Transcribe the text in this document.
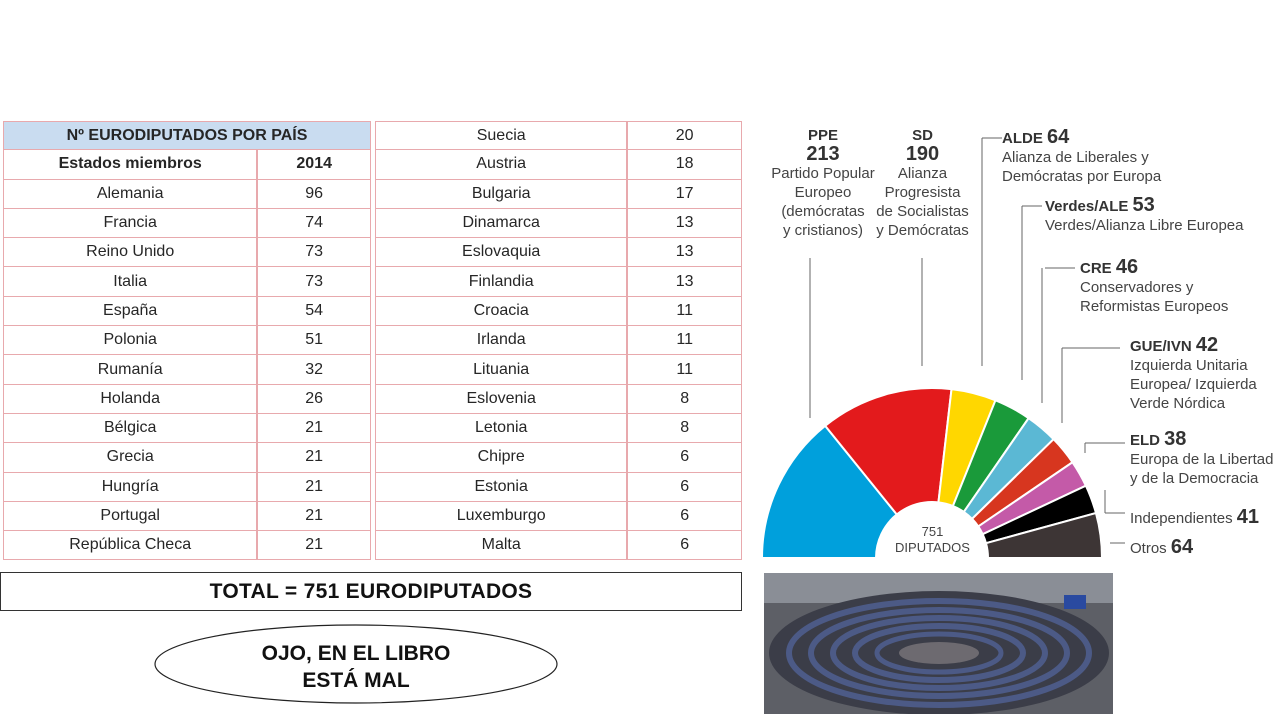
Nº EURODIPUTADOS POR PAÍS	
Estados miembros	2014
Alemania	96
Francia	74
Reino Unido	73
Italia	73
España	54
Polonia	51
Rumanía	32
Holanda	26
Bélgica	21
Grecia	21
Hungría	21
Portugal	21
República Checa	21
Suecia	20
Austria	18
Bulgaria	17
Dinamarca	13
Eslovaquia	13
Finlandia	13
Croacia	11
Irlanda	11
Lituania	11
Eslovenia	8
Letonia	8
Chipre	6
Estonia	6
Luxemburgo	6
Malta	6
TOTAL = 751 EURODIPUTADOS
OJO, EN EL LIBRO
ESTÁ MAL
PPE
213
Partido Popular
Europeo
(demócratas
y cristianos)
SD
190
Alianza
Progresista
de Socialistas
y Demócratas
ALDE 64
Alianza de Liberales y
Demócratas por Europa
Verdes/ALE 53
Verdes/Alianza Libre Europea
CRE 46
Conservadores y
Reformistas Europeos
GUE/IVN 42
Izquierda Unitaria
Europea/ Izquierda
Verde Nórdica
ELD 38
Europa de la Libertad
y de la Democracia
Independientes 41
Otros 64
751
DIPUTADOS
